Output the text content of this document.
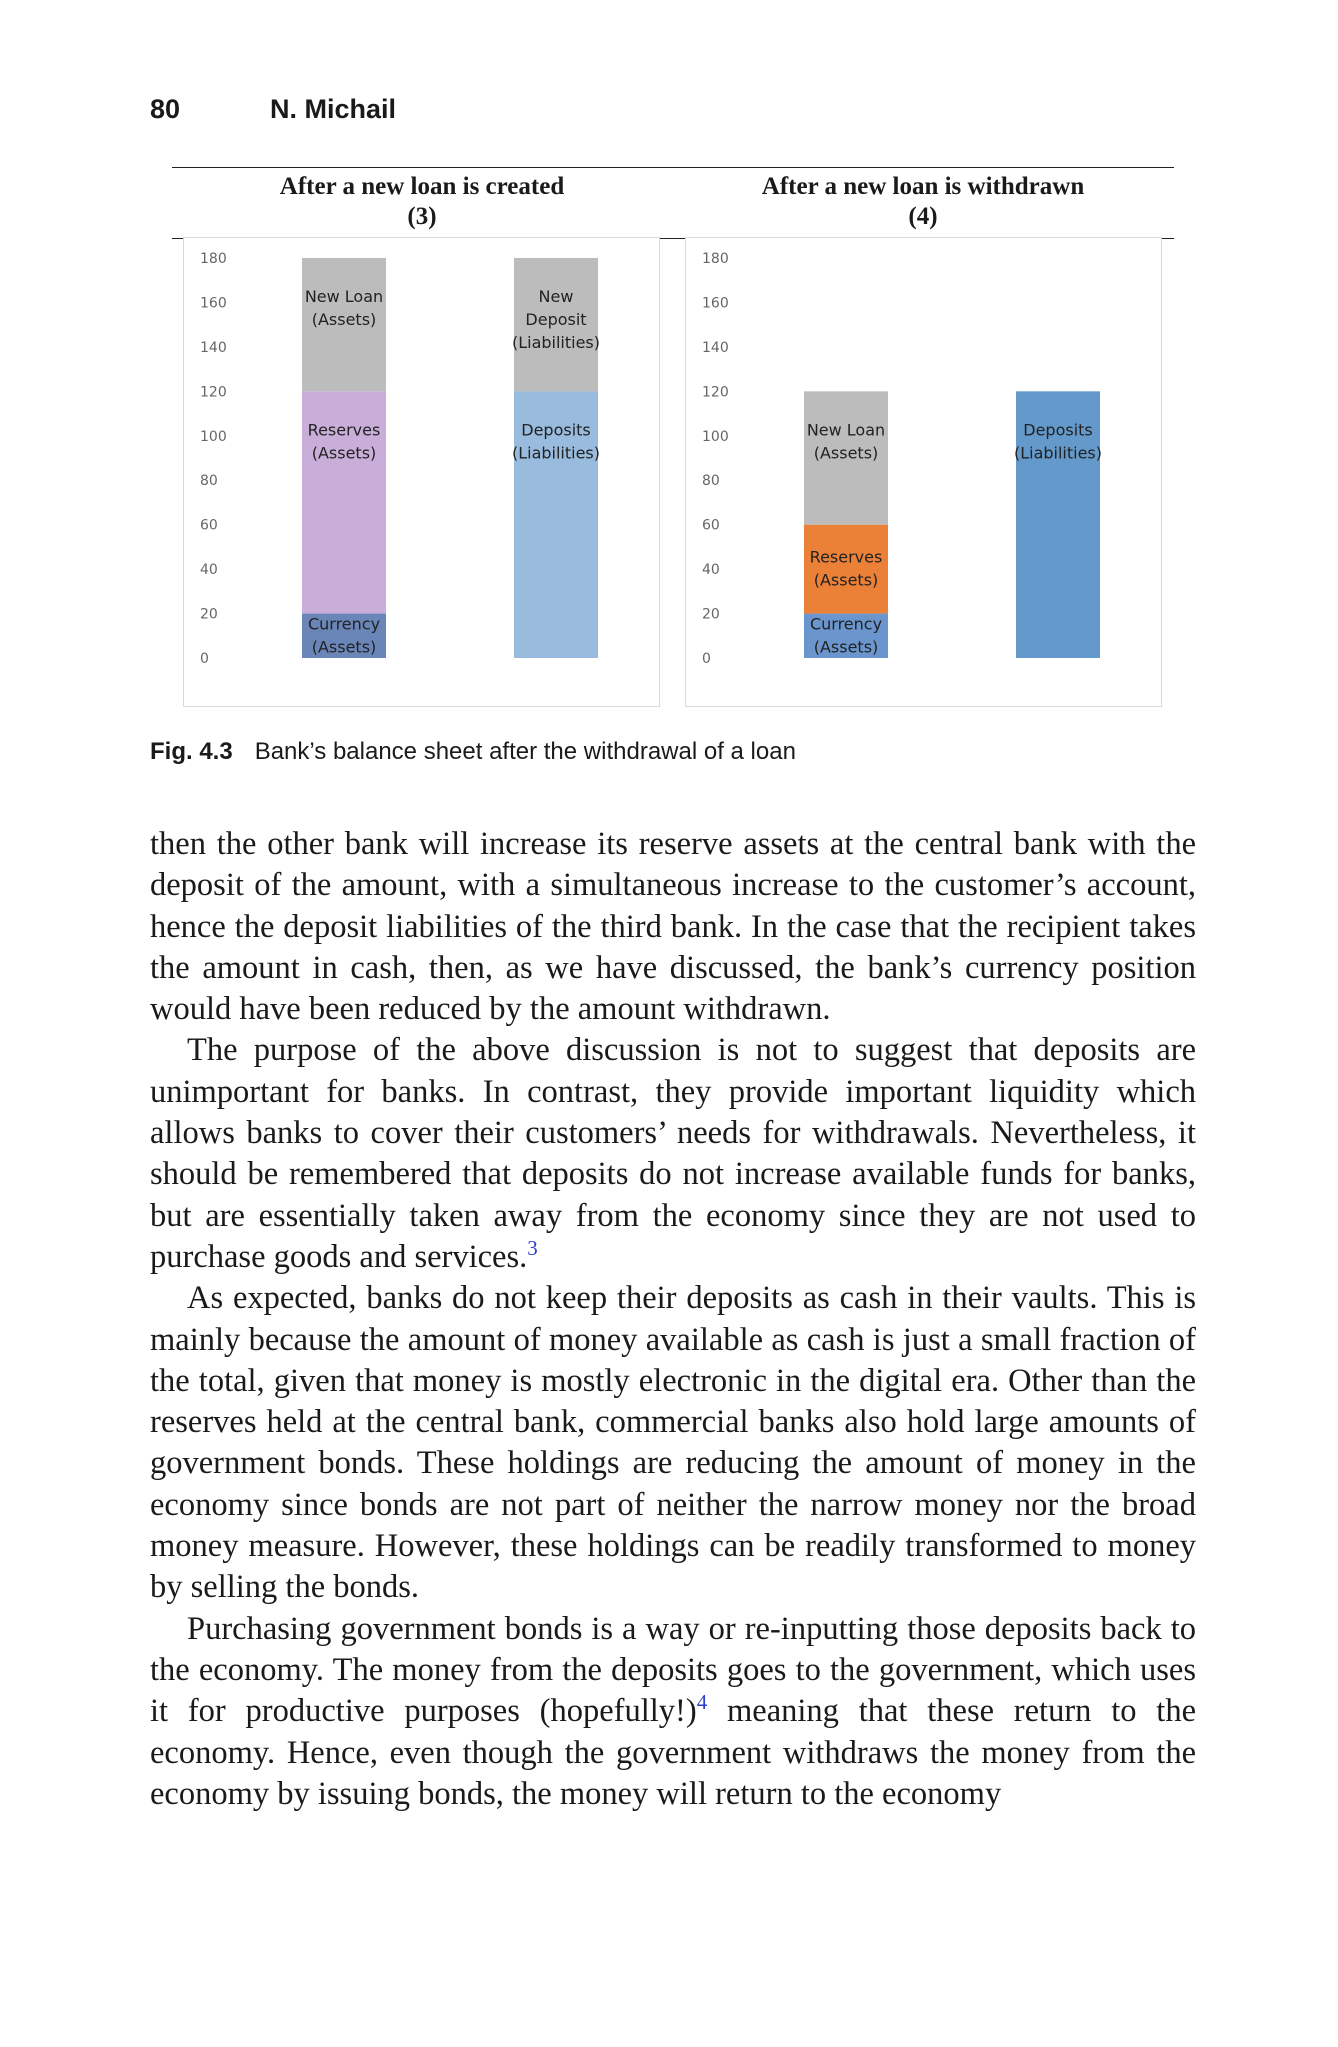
80	N. Michail
After a new loan is created
(3)
After a new loan is withdrawn
(4)
0
20
40
60
80
100
120
140
160
180
Currency
(Assets)
Reserves
(Assets)
New Loan
(Assets)
Deposits
(Liabilities)
New
Deposit
(Liabilities)
0
20
40
60
80
100
120
140
160
180
Currency
(Assets)
Reserves
(Assets)
New Loan
(Assets)
Deposits
(Liabilities)
Fig. 4.3 Bank’s balance sheet after the withdrawal of a loan

then the other bank will increase its reserve assets at the central bank with the deposit of the amount, with a simultaneous increase to the customer’s account, hence the deposit liabilities of the third bank. In the case that the recipient takes the amount in cash, then, as we have discussed, the bank’s currency position would have been reduced by the amount withdrawn.

The purpose of the above discussion is not to suggest that deposits are unimportant for banks. In contrast, they provide important liquidity which allows banks to cover their customers’ needs for withdrawals. Nevertheless, it should be remembered that deposits do not increase available funds for banks, but are essentially taken away from the economy since they are not used to purchase goods and services.$^3$

As expected, banks do not keep their deposits as cash in their vaults. This is mainly because the amount of money available as cash is just a small fraction of the total, given that money is mostly electronic in the digital era. Other than the reserves held at the central bank, commercial banks also hold large amounts of government bonds. These holdings are reducing the amount of money in the economy since bonds are not part of neither the narrow money nor the broad money measure. However, these holdings can be readily transformed to money by selling the bonds.

Purchasing government bonds is a way or re-inputting those deposits back to the economy. The money from the deposits goes to the government, which uses it for productive purposes (hopefully!)$^4$ meaning that these return to the economy. Hence, even though the government withdraws the money from the economy by issuing bonds, the money will return to the economy
